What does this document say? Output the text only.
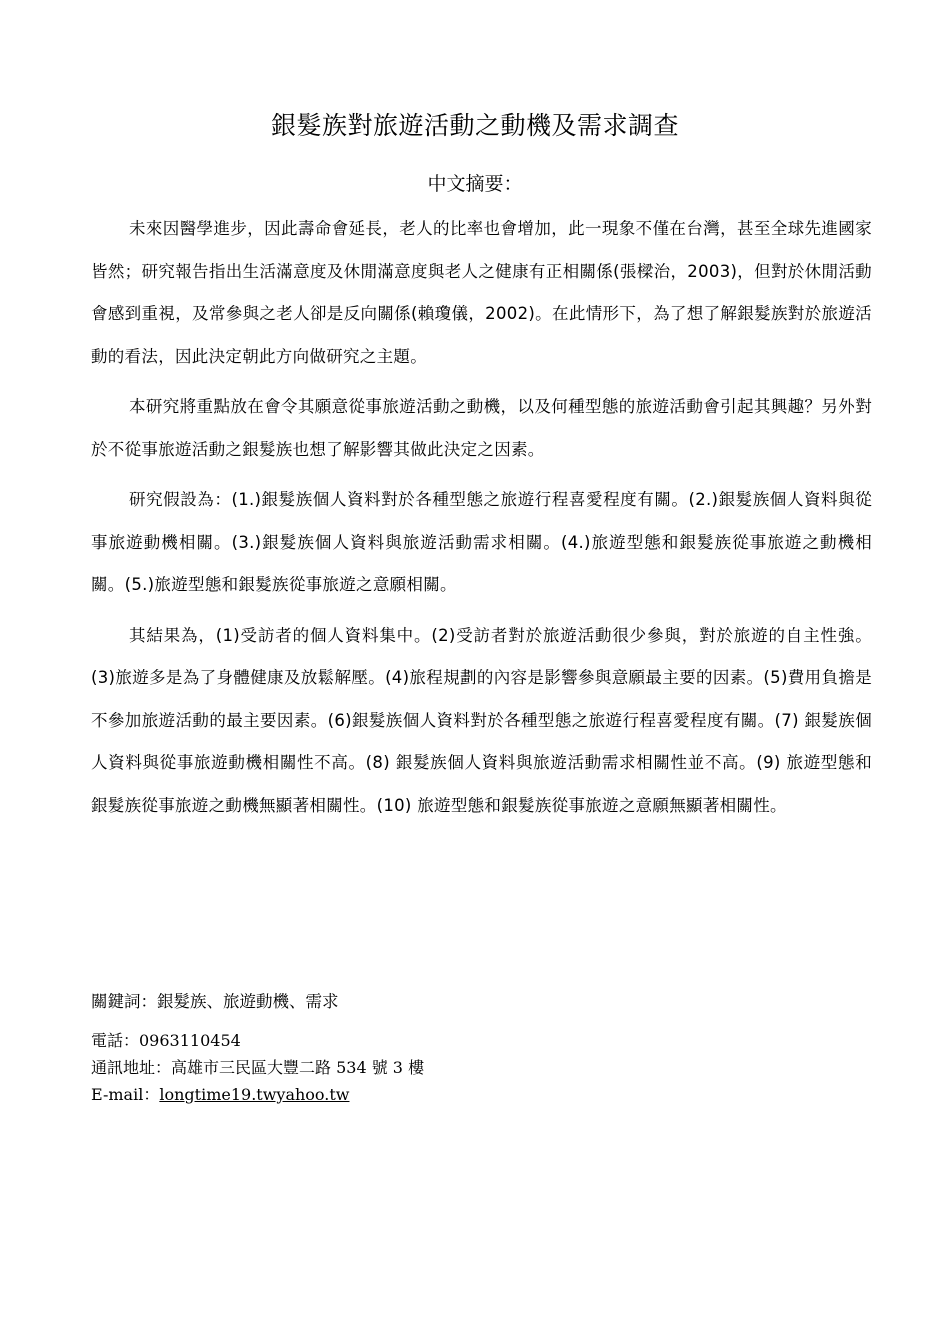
銀髮族對旅遊活動之動機及需求調查
中文摘要：

未來因醫學進步，因此壽命會延長，老人的比率也會增加，此一現象不僅在台灣，甚至全球先進國家皆然；研究報告指出生活滿意度及休閒滿意度與老人之健康有正相關係(張樑治，2003)，但對於休閒活動會感到重視，及常參與之老人卻是反向關係(賴瓊儀，2002)。在此情形下，為了想了解銀髮族對於旅遊活動的看法，因此決定朝此方向做研究之主題。

本研究將重點放在會令其願意從事旅遊活動之動機，以及何種型態的旅遊活動會引起其興趣？另外對於不從事旅遊活動之銀髮族也想了解影響其做此決定之因素。

研究假設為：(1.)銀髮族個人資料對於各種型態之旅遊行程喜愛程度有關。(2.)銀髮族個人資料與從事旅遊動機相關。(3.)銀髮族個人資料與旅遊活動需求相關。(4.)旅遊型態和銀髮族從事旅遊之動機相關。(5.)旅遊型態和銀髮族從事旅遊之意願相關。

其結果為，(1)受訪者的個人資料集中。(2)受訪者對於旅遊活動很少參與，對於旅遊的自主性強。(3)旅遊多是為了身體健康及放鬆解壓。(4)旅程規劃的內容是影響參與意願最主要的因素。(5)費用負擔是不參加旅遊活動的最主要因素。(6)銀髮族個人資料對於各種型態之旅遊行程喜愛程度有關。(7) 銀髮族個人資料與從事旅遊動機相關性不高。(8) 銀髮族個人資料與旅遊活動需求相關性並不高。(9) 旅遊型態和銀髮族從事旅遊之動機無顯著相關性。(10) 旅遊型態和銀髮族從事旅遊之意願無顯著相關性。

關鍵詞：銀髮族、旅遊動機、需求

電話：0963110454

通訊地址：高雄市三民區大豐二路 534 號 3 樓

E-mail：longtime19.twyahoo.tw
